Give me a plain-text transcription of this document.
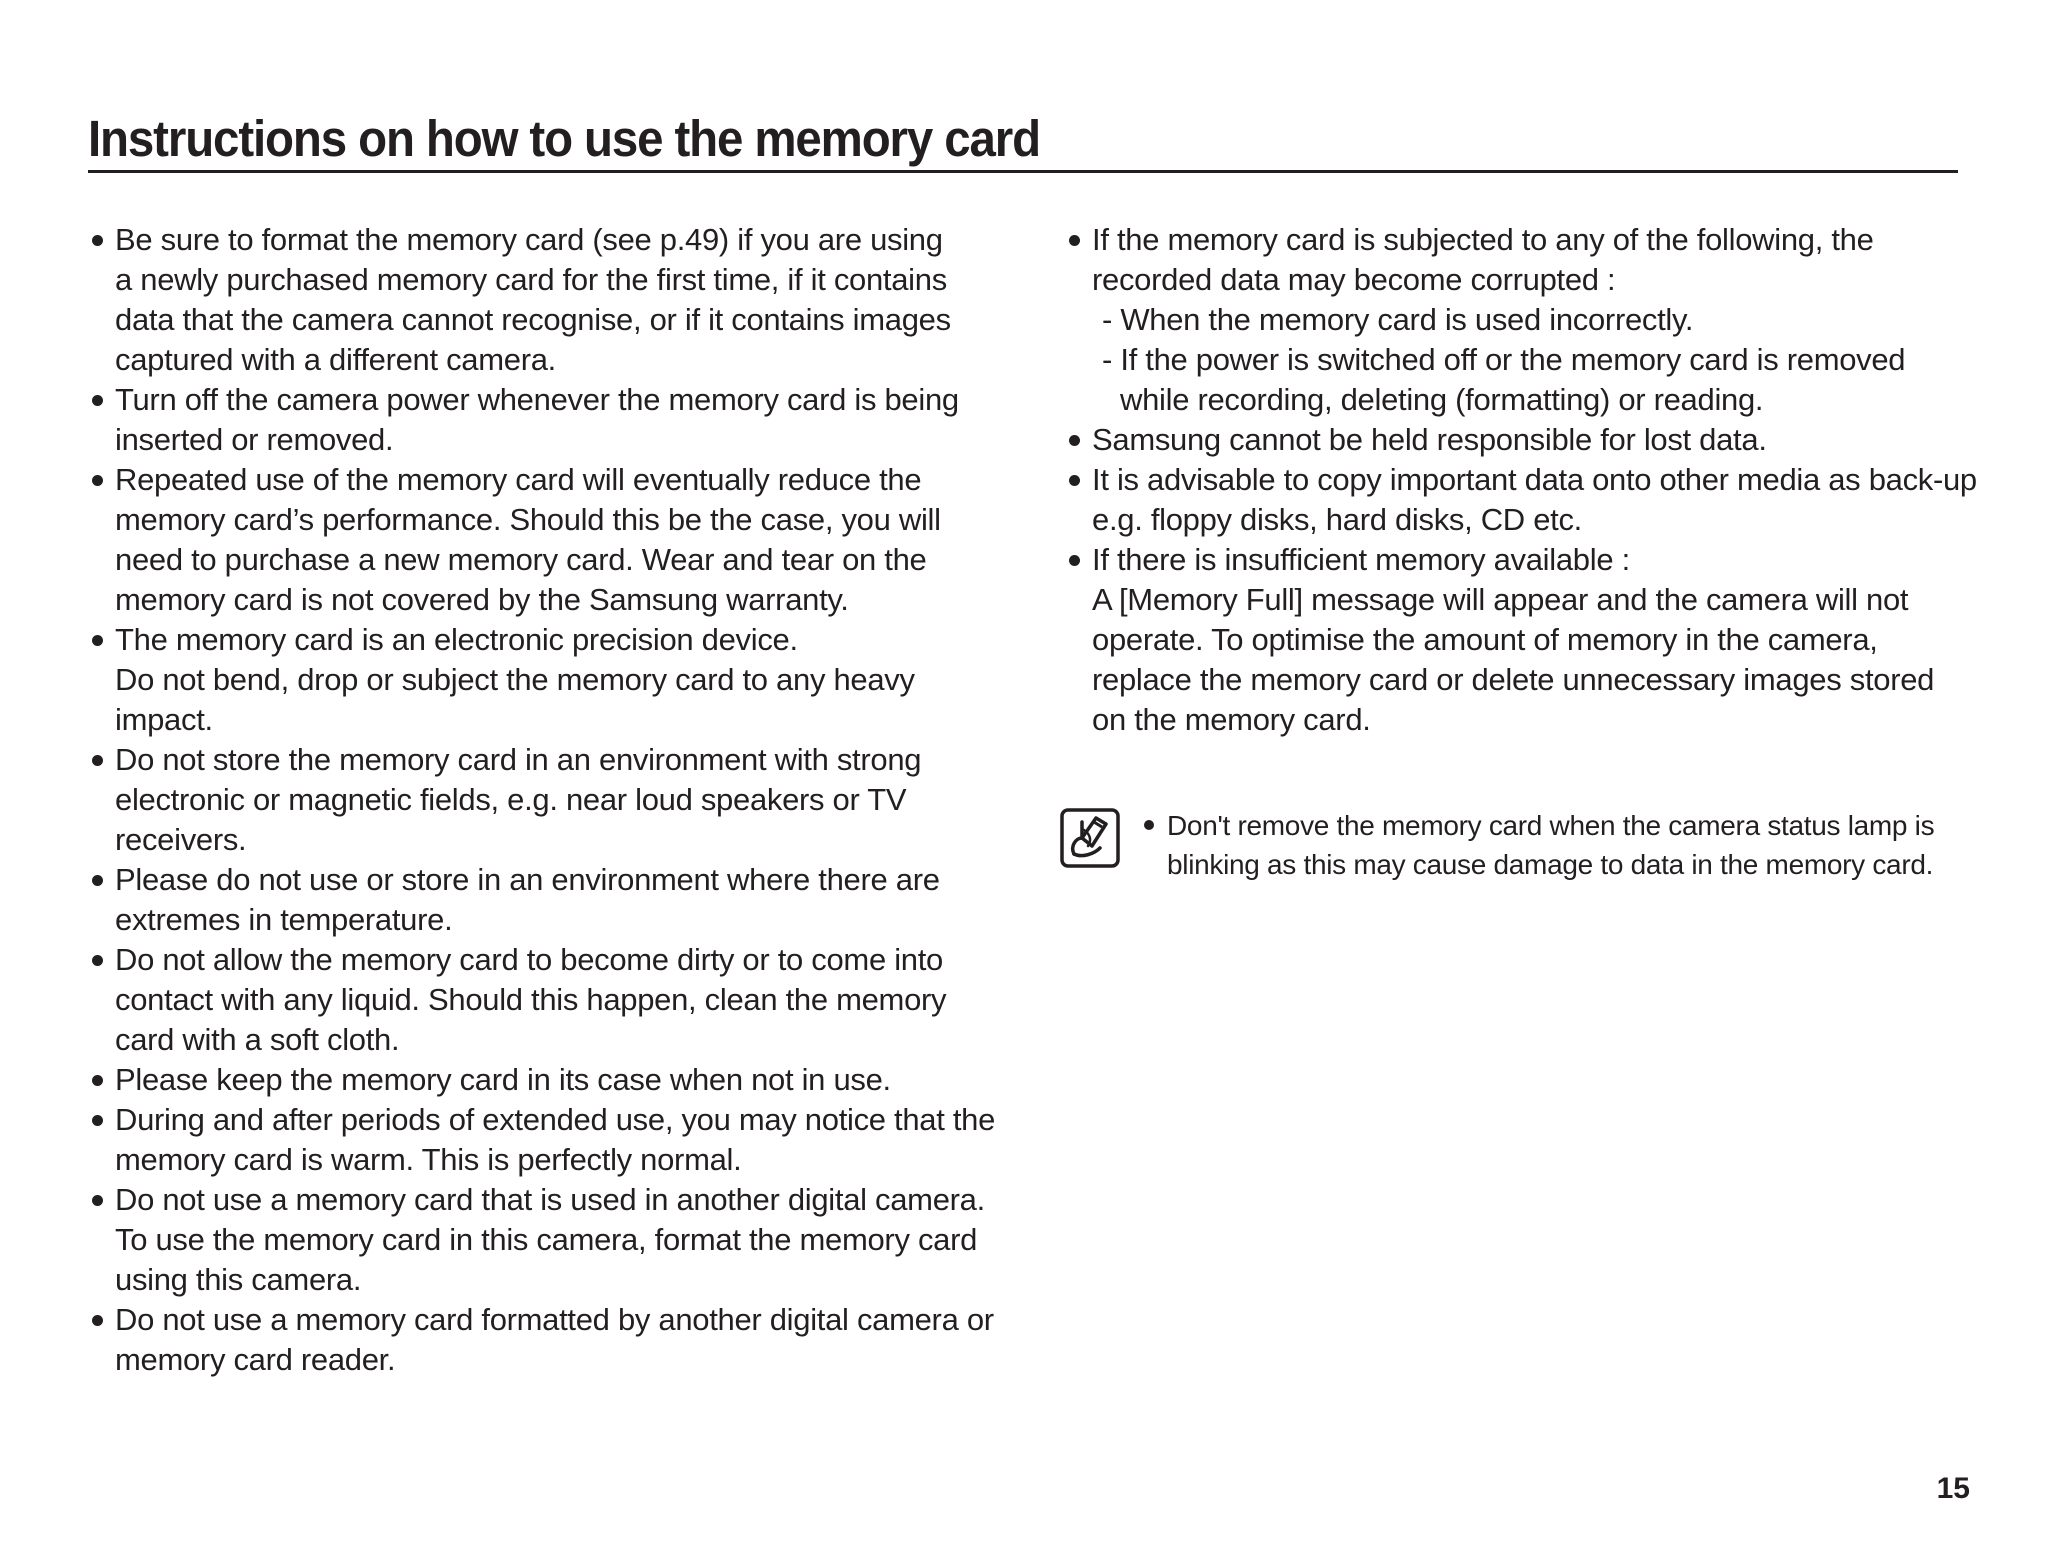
Instructions on how to use the memory card
Be sure to format the memory card (see p.49) if you are using
a newly purchased memory card for the first time, if it contains
data that the camera cannot recognise, or if it contains images
captured with a different camera.
Turn off the camera power whenever the memory card is being
inserted or removed.
Repeated use of the memory card will eventually reduce the
memory card’s performance. Should this be the case, you will
need to purchase a new memory card. Wear and tear on the
memory card is not covered by the Samsung warranty.
The memory card is an electronic precision device.
Do not bend, drop or subject the memory card to any heavy
impact.
Do not store the memory card in an environment with strong
electronic or magnetic fields, e.g. near loud speakers or TV
receivers.
Please do not use or store in an environment where there are
extremes in temperature.
Do not allow the memory card to become dirty or to come into
contact with any liquid. Should this happen, clean the memory
card with a soft cloth.
Please keep the memory card in its case when not in use.
During and after periods of extended use, you may notice that the
memory card is warm. This is perfectly normal.
Do not use a memory card that is used in another digital camera.
To use the memory card in this camera, format the memory card
using this camera.
Do not use a memory card formatted by another digital camera or
memory card reader.
If the memory card is subjected to any of the following, the
recorded data may become corrupted :
- When the memory card is used incorrectly.
- If the power is switched off or the memory card is removed
while recording, deleting (formatting) or reading.
Samsung cannot be held responsible for lost data.
It is advisable to copy important data onto other media as back-up
e.g. floppy disks, hard disks, CD etc.
If there is insufficient memory available :
A [Memory Full] message will appear and the camera will not
operate. To optimise the amount of memory in the camera,
replace the memory card or delete unnecessary images stored
on the memory card.
Don't remove the memory card when the camera status lamp is
blinking as this may cause damage to data in the memory card.
15
